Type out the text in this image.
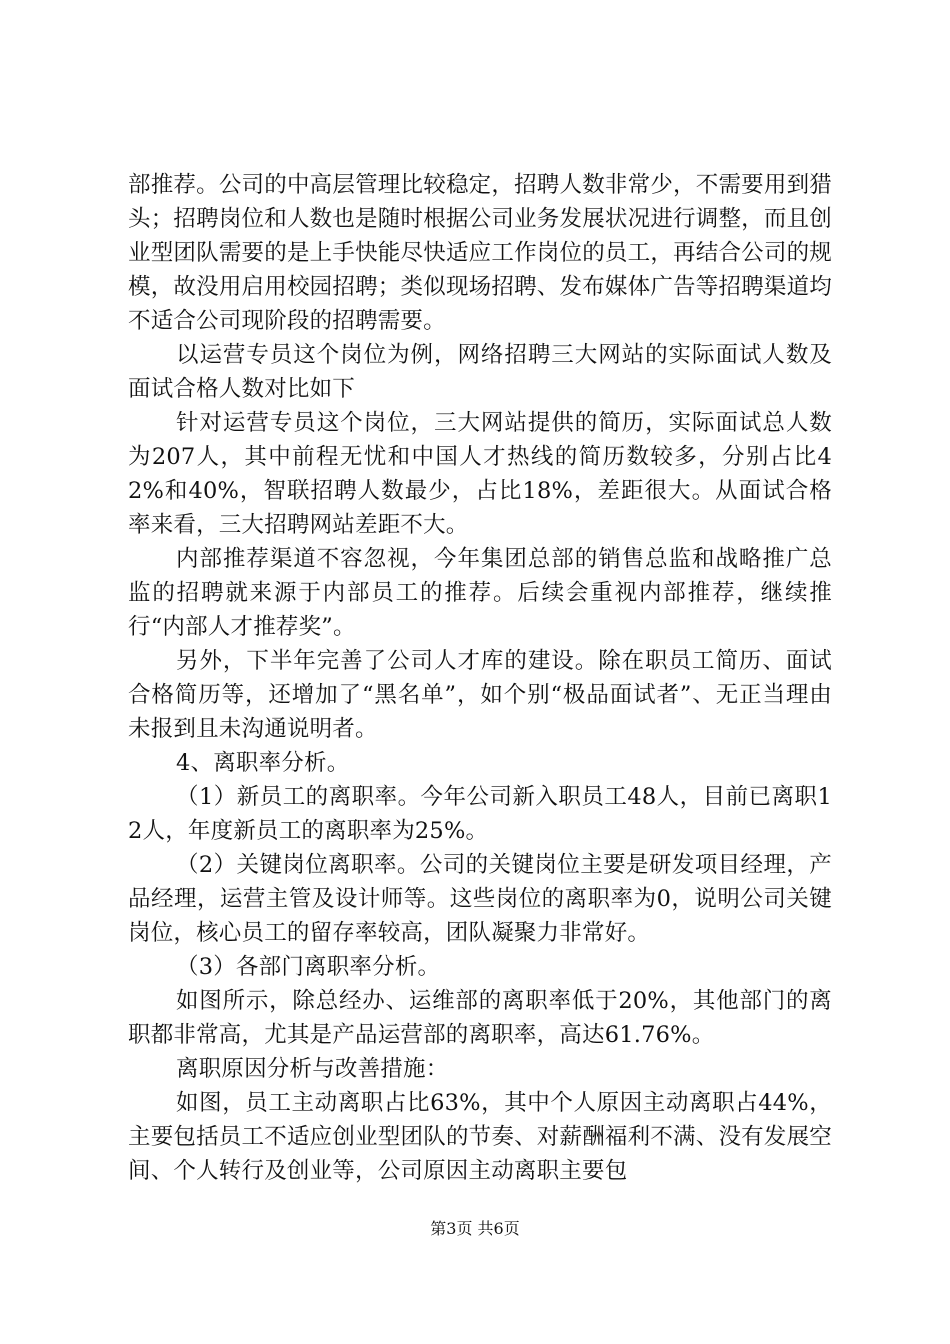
部推荐。公司的中高层管理比较稳定，招聘人数非常少，不需要用到猎头；招聘岗位和人数也是随时根据公司业务发展状况进行调整，而且创业型团队需要的是上手快能尽快适应工作岗位的员工，再结合公司的规模，故没用启用校园招聘；类似现场招聘、发布媒体广告等招聘渠道均不适合公司现阶段的招聘需要。

以运营专员这个岗位为例，网络招聘三大网站的实际面试人数及面试合格人数对比如下

针对运营专员这个岗位，三大网站提供的简历，实际面试总人数为207人，其中前程无忧和中国人才热线的简历数较多，分别占比42%和40%，智联招聘人数最少，占比18%，差距很大。从面试合格率来看，三大招聘网站差距不大。

内部推荐渠道不容忽视，今年集团总部的销售总监和战略推广总监的招聘就来源于内部员工的推荐。后续会重视内部推荐，继续推行“内部人才推荐奖”。

另外，下半年完善了公司人才库的建设。除在职员工简历、面试合格简历等，还增加了“黑名单”，如个别“极品面试者”、无正当理由未报到且未沟通说明者。

4、离职率分析。

（1）新员工的离职率。今年公司新入职员工48人，目前已离职12人，年度新员工的离职率为25%。

（2）关键岗位离职率。公司的关键岗位主要是研发项目经理，产品经理，运营主管及设计师等。这些岗位的离职率为0，说明公司关键岗位，核心员工的留存率较高，团队凝聚力非常好。

（3）各部门离职率分析。

如图所示，除总经办、运维部的离职率低于20%，其他部门的离职都非常高，尤其是产品运营部的离职率，高达61.76%。

离职原因分析与改善措施：

如图，员工主动离职占比63%，其中个人原因主动离职占44%，主要包括员工不适应创业型团队的节奏、对薪酬福利不满、没有发展空间、个人转行及创业等，公司原因主动离职主要包

第3页 共6页
